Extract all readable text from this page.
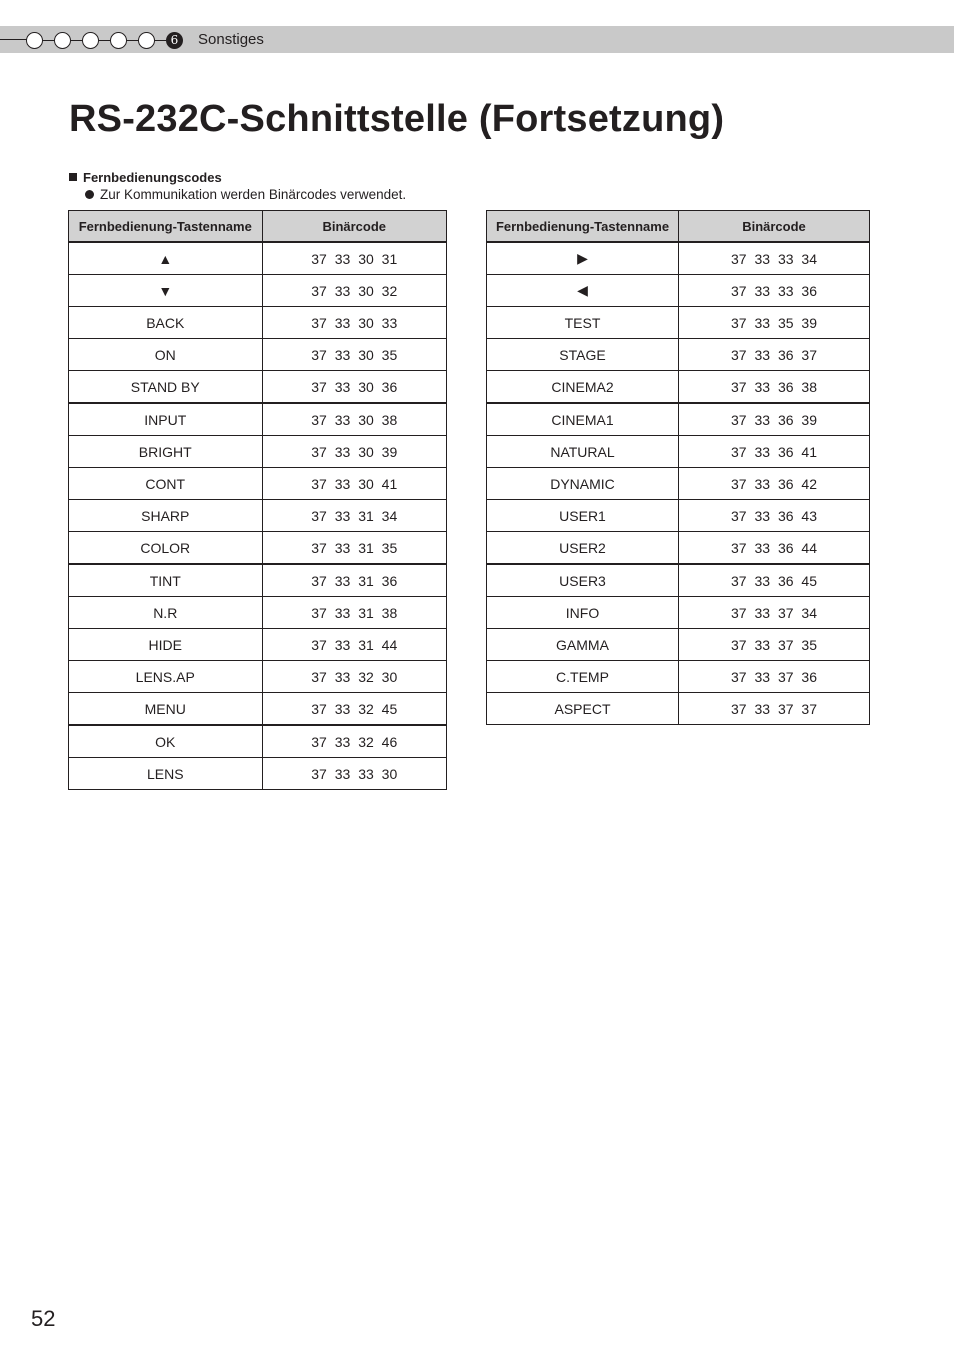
6	Sonstiges
RS-232C-Schnittstelle (Fortsetzung)
Fernbedienungscodes
Zur Kommunikation werden Binärcodes verwendet.
Fernbedienung-Tastenname	Binärcode
▲	37 33 30 31
▼	37 33 30 32
BACK	37 33 30 33
ON	37 33 30 35
STAND BY	37 33 30 36
INPUT	37 33 30 38
BRIGHT	37 33 30 39
CONT	37 33 30 41
SHARP	37 33 31 34
COLOR	37 33 31 35
TINT	37 33 31 36
N.R	37 33 31 38
HIDE	37 33 31 44
LENS.AP	37 33 32 30
MENU	37 33 32 45
OK	37 33 32 46
LENS	37 33 33 30
Fernbedienung-Tastenname	Binärcode
▶	37 33 33 34
◀	37 33 33 36
TEST	37 33 35 39
STAGE	37 33 36 37
CINEMA2	37 33 36 38
CINEMA1	37 33 36 39
NATURAL	37 33 36 41
DYNAMIC	37 33 36 42
USER1	37 33 36 43
USER2	37 33 36 44
USER3	37 33 36 45
INFO	37 33 37 34
GAMMA	37 33 37 35
C.TEMP	37 33 37 36
ASPECT	37 33 37 37
52
